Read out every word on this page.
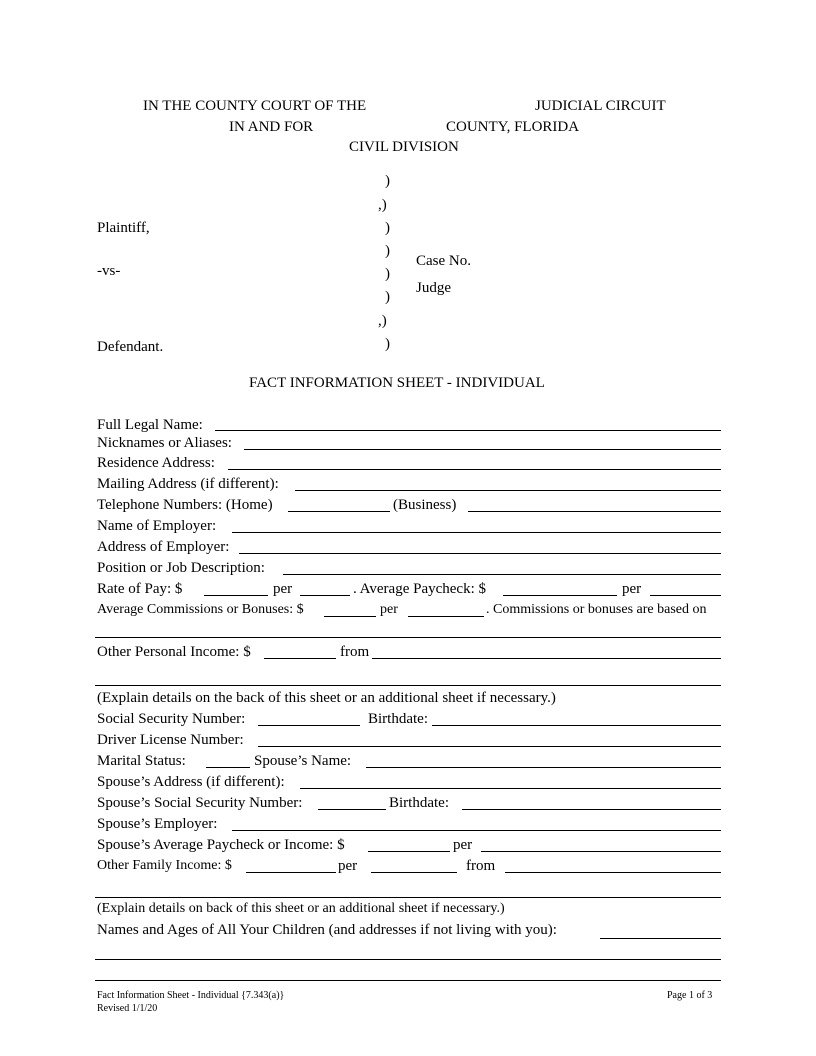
IN THE COUNTY COURT OF THE	JUDICIAL CIRCUIT
IN AND FOR	COUNTY, FLORIDA
CIVIL DIVISION
)
,)
)
)
)
)
,)
)
Plaintiff,
-vs-
Defendant.
Case No.
Judge
FACT INFORMATION SHEET - INDIVIDUAL
Full Legal Name:
Nicknames or Aliases:
Residence Address:
Mailing Address (if different):
Telephone Numbers: (Home)	(Business)
Name of Employer:
Address of Employer:
Position or Job Description:
Rate of Pay: $	per	. Average Paycheck: $	per
Average Commissions or Bonuses: $	per	. Commissions or bonuses are based on
Other Personal Income: $	from
(Explain details on the back of this sheet or an additional sheet if necessary.)
Social Security Number:	Birthdate:
Driver License Number:
Marital Status:	Spouse’s Name:
Spouse’s Address (if different):
Spouse’s Social Security Number:	Birthdate:
Spouse’s Employer:
Spouse’s Average Paycheck or Income: $	per
Other Family Income: $	per	from
(Explain details on back of this sheet or an additional sheet if necessary.)
Names and Ages of All Your Children (and addresses if not living with you):
Fact Information Sheet - Individual {7.343(a)}
Revised 1/1/20
Page 1 of 3
